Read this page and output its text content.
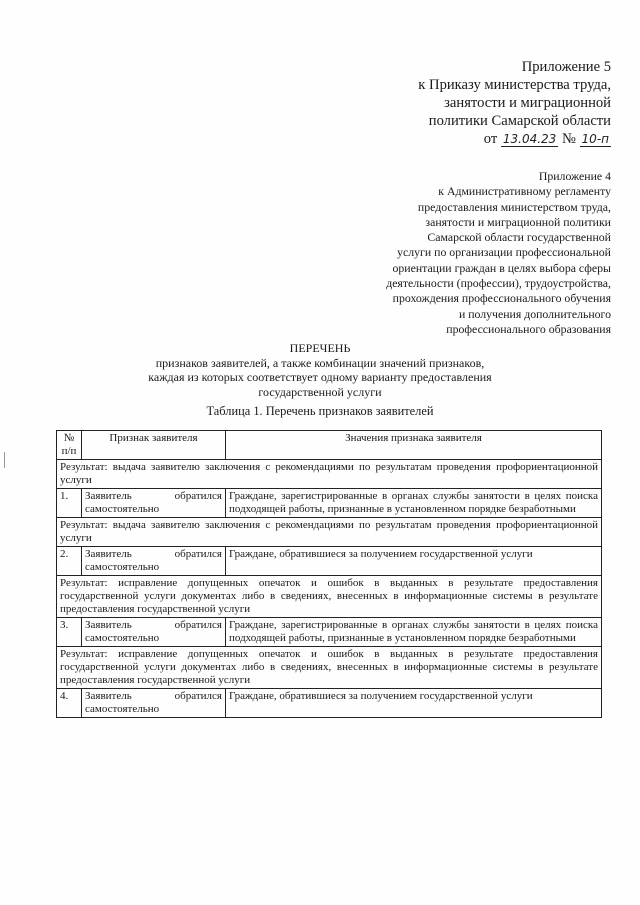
Приложение 5
к Приказу министерства труда,
занятости и миграционной
политики Самарской области
от 13.04.23 № 10-п
Приложение 4
к Административному регламенту
предоставления министерством труда,
занятости и миграционной политики
Самарской области государственной
услуги по организации профессиональной
ориентации граждан в целях выбора сферы
деятельности (профессии), трудоустройства,
прохождения профессионального обучения
и получения дополнительного
профессионального образования
ПЕРЕЧЕНЬ
признаков заявителей, а также комбинации значений признаков,
каждая из которых соответствует одному варианту предоставления
государственной услуги
Таблица 1. Перечень признаков заявителей
№ п/п	Признак заявителя	Значения признака заявителя
Результат: выдача заявителю заключения с рекомендациями по результатам проведения профориентационной услуги		
1.	Заявитель обратился самостоятельно	Граждане, зарегистрированные в органах службы занятости в целях поиска подходящей работы, признанные в установленном порядке безработными
Результат: выдача заявителю заключения с рекомендациями по результатам проведения профориентационной услуги		
2.	Заявитель обратился самостоятельно	Граждане, обратившиеся за получением государственной услуги
Результат: исправление допущенных опечаток и ошибок в выданных в результате предоставления государственной услуги документах либо в сведениях, внесенных в информационные системы в результате предоставления государственной услуги		
3.	Заявитель обратился самостоятельно	Граждане, зарегистрированные в органах службы занятости в целях поиска подходящей работы, признанные в установленном порядке безработными
Результат: исправление допущенных опечаток и ошибок в выданных в результате предоставления государственной услуги документах либо в сведениях, внесенных в информационные системы в результате предоставления государственной услуги		
4.	Заявитель обратился самостоятельно	Граждане, обратившиеся за получением государственной услуги
